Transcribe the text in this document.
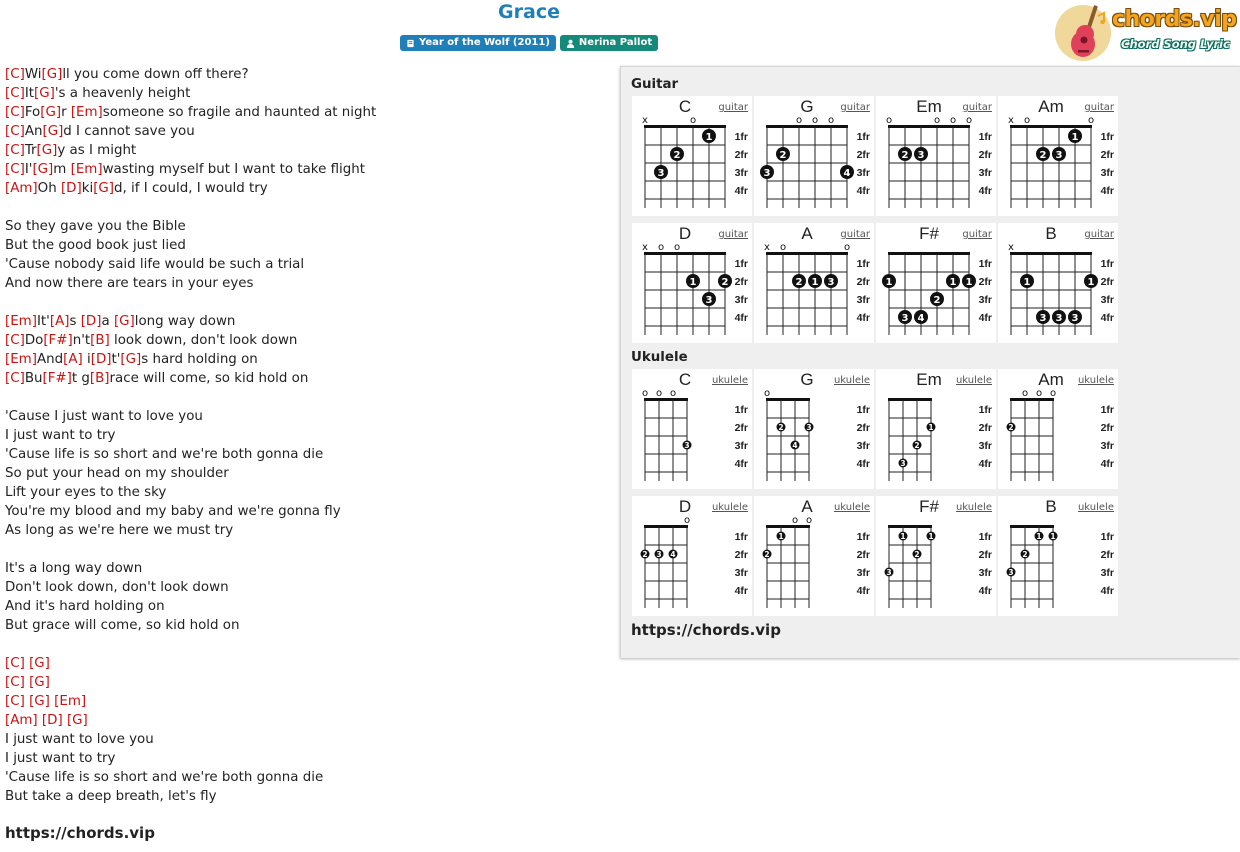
Grace
Year of the Wolf (2011)	Nerina Pallot
chords.vip
Chord Song Lyric
[C]Wi[G]ll you come down off there?
[C]It[G]'s a heavenly height
[C]Fo[G]r [Em]someone so fragile and haunted at night
[C]An[G]d I cannot save you
[C]Tr[G]y as I might
[C]I'[G]m [Em]wasting myself but I want to take flight
[Am]Oh [D]ki[G]d, if I could, I would try
So they gave you the Bible
But the good book just lied
'Cause nobody said life would be such a trial
And now there are tears in your eyes
[Em]It'[A]s [D]a [G]long way down
[C]Do[F#]n't[B] look down, don't look down
[Em]And[A] i[D]t'[G]s hard holding on
[C]Bu[F#]t g[B]race will come, so kid hold on
'Cause I just want to love you
I just want to try
'Cause life is so short and we're both gonna die
So put your head on my shoulder
Lift your eyes to the sky
You're my blood and my baby and we're gonna fly
As long as we're here we must try
It's a long way down
Don't look down, don't look down
And it's hard holding on
But grace will come, so kid hold on
[C] [G]
[C] [G]
[C] [G] [Em]
[Am] [D] [G]
I just want to love you
I just want to try
'Cause life is so short and we're both gonna die
But take a deep breath, let's fly
https://chords.vip
Guitar
Ukulele
https://chords.vip
C	guitar
1fr
2fr
3fr
4fr
x	o
1
2
3
G	guitar
1fr
2fr
3fr
4fr
o o o
2
3	4
Em	guitar
1fr
2fr
3fr
4fr
o	o o o
2 3
Am	guitar
1fr
2fr
3fr
4fr
x o	o
1
2 3
D	guitar
1fr
2fr
3fr
4fr
x o o
1	2
3
A	guitar
1fr
2fr
3fr
4fr
x o	o
2 1 3
F#	guitar
1fr
2fr
3fr
4fr
1	1 1
2
3 4
B	guitar
1fr
2fr
3fr
4fr
x
1	1
3 3 3
C	ukulele
1fr
2fr
3fr
4fr
o o o
3
G	ukulele
1fr
2fr
3fr
4fr
o
2	3
4
Em	ukulele
1fr
2fr
3fr
4fr
1
2
3
Am	ukulele
1fr
2fr
3fr
4fr
o o o
2
D	ukulele
1fr
2fr
3fr
4fr
o
2 3 4
A	ukulele
1fr
2fr
3fr
4fr
o o
1
2
F#	ukulele
1fr
2fr
3fr
4fr
1	1
2
3
B	ukulele
1fr
2fr
3fr
4fr
1 1
2
3
